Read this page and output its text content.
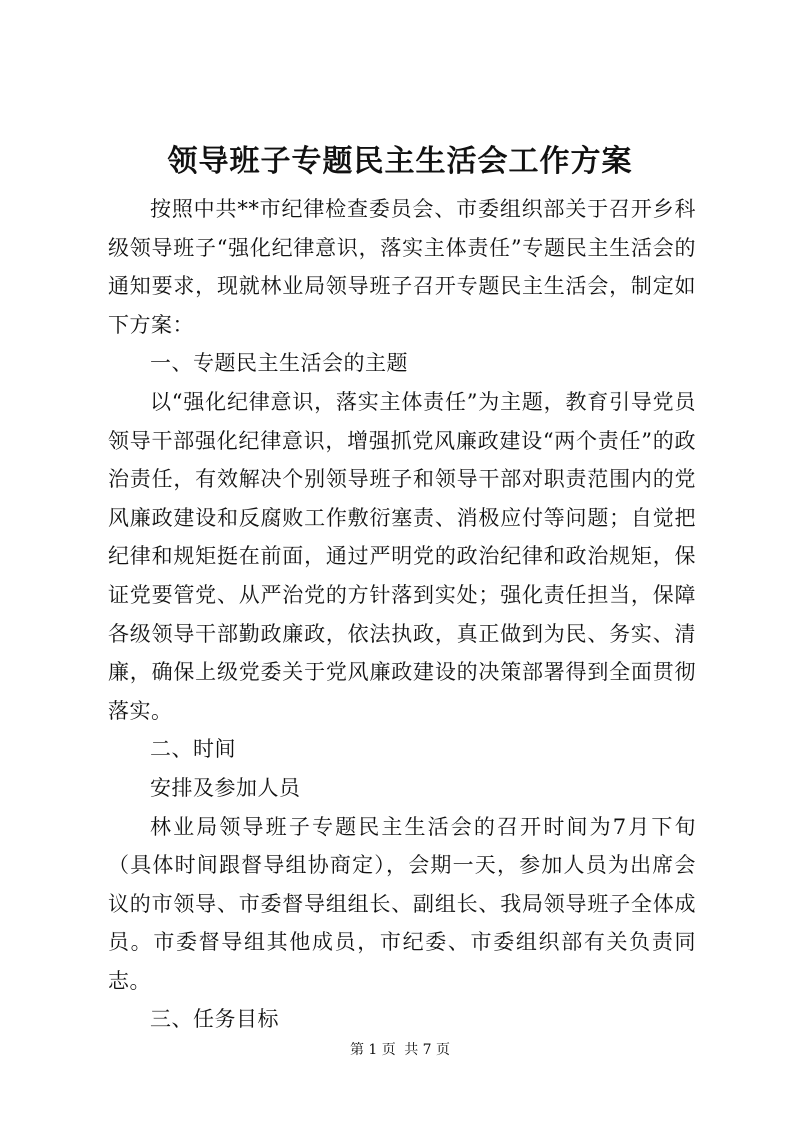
领导班子专题民主生活会工作方案

按照中共**市纪律检查委员会、市委组织部关于召开乡科级领导班子“强化纪律意识，落实主体责任”专题民主生活会的通知要求，现就林业局领导班子召开专题民主生活会，制定如下方案：

一、专题民主生活会的主题

以“强化纪律意识，落实主体责任”为主题，教育引导党员领导干部强化纪律意识，增强抓党风廉政建设“两个责任”的政治责任，有效解决个别领导班子和领导干部对职责范围内的党风廉政建设和反腐败工作敷衍塞责、消极应付等问题；自觉把纪律和规矩挺在前面，通过严明党的政治纪律和政治规矩，保证党要管党、从严治党的方针落到实处；强化责任担当，保障各级领导干部勤政廉政，依法执政，真正做到为民、务实、清廉，确保上级党委关于党风廉政建设的决策部署得到全面贯彻落实。

二、时间

安排及参加人员

林业局领导班子专题民主生活会的召开时间为7月下旬（具体时间跟督导组协商定），会期一天，参加人员为出席会议的市领导、市委督导组组长、副组长、我局领导班子全体成员。市委督导组其他成员，市纪委、市委组织部有关负责同志。

三、任务目标

第 1 页 共 7 页
